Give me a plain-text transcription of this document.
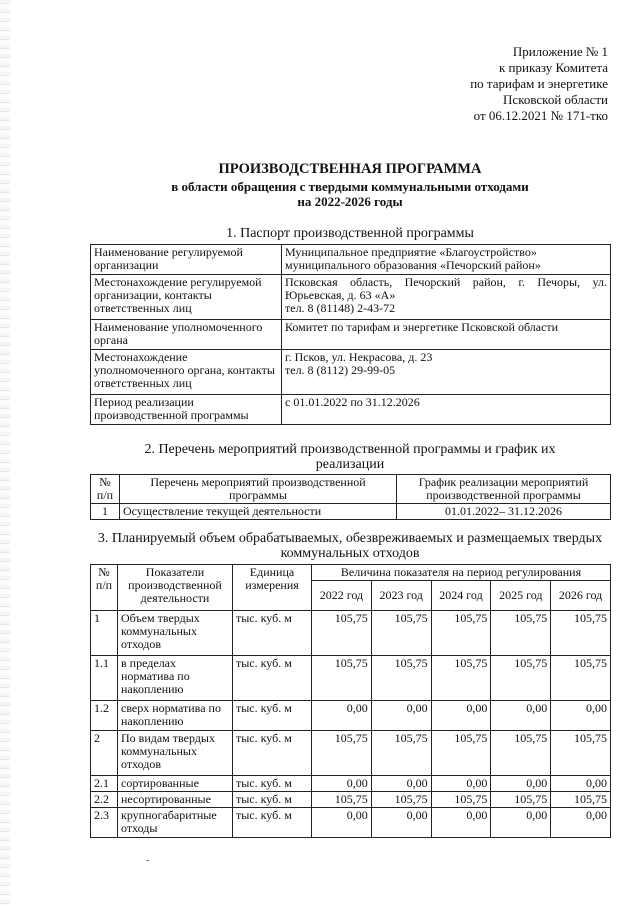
Приложение № 1
к приказу Комитета
по тарифам и энергетике
Псковской области
от 06.12.2021 № 171-тко
ПРОИЗВОДСТВЕННАЯ ПРОГРАММА
в области обращения с твердыми коммунальными отходами
на 2022-2026 годы
1. Паспорт производственной программы
Наименование регулируемой организации	Муниципальное предприятие «Благоустройство» муниципального образования «Печорский район»
Местонахождение регулируемой организации, контакты ответственных лиц	Псковская область, Печорский район, г. Печоры, ул. Юрьевская, д. 63 «А»
тел. 8 (81148) 2-43-72

Наименование уполномоченного органа	Комитет по тарифам и энергетике Псковской области
Местонахождение уполномоченного органа, контакты ответственных лиц	г. Псков, ул. Некрасова, д. 23
тел. 8 (8112) 29-99-05

Период реализации производственной программы	с 01.01.2022 по 31.12.2026
2. Перечень мероприятий производственной программы и график их реализации
№ п/п	Перечень мероприятий производственной программы	График реализации мероприятий производственной программы
1	Осуществление текущей деятельности	01.01.2022– 31.12.2026
3. Планируемый объем обрабатываемых, обезвреживаемых и размещаемых твердых коммунальных отходов
№ п/п	Показатели производственной деятельности	Единица измерения	Величина показателя на период регулирования				
			2022 год	2023 год	2024 год	2025 год	2026 год
1	Объем твердых коммунальных отходов	тыс. куб. м	105,75	105,75	105,75	105,75	105,75
1.1	в пределах норматива по накоплению	тыс. куб. м	105,75	105,75	105,75	105,75	105,75
1.2	сверх норматива по накоплению	тыс. куб. м	0,00	0,00	0,00	0,00	0,00
2	По видам твердых коммунальных отходов	тыс. куб. м	105,75	105,75	105,75	105,75	105,75
2.1	сортированные	тыс. куб. м	0,00	0,00	0,00	0,00	0,00
2.2	несортированные	тыс. куб. м	105,75	105,75	105,75	105,75	105,75
2.3	крупногабаритные отходы	тыс. куб. м	0,00	0,00	0,00	0,00	0,00
